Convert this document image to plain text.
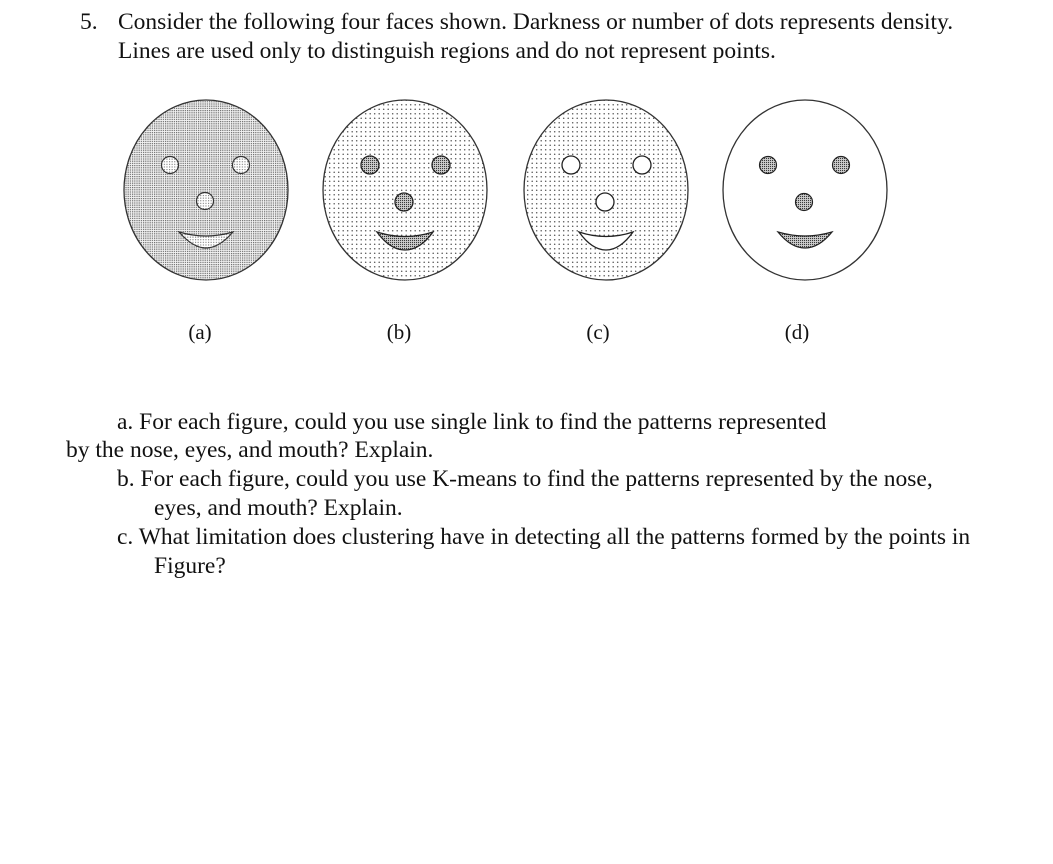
5. Consider the following four faces shown. Darkness or number of dots represents density.
Lines are used only to distinguish regions and do not represent points.
(a)	(b)	(c)	(d)
a. For each figure, could you use single link to find the patterns represented
by the nose, eyes, and mouth? Explain.
b. For each figure, could you use K-means to find the patterns represented by the nose,
eyes, and mouth? Explain.
c. What limitation does clustering have in detecting all the patterns formed by the points in
Figure?
